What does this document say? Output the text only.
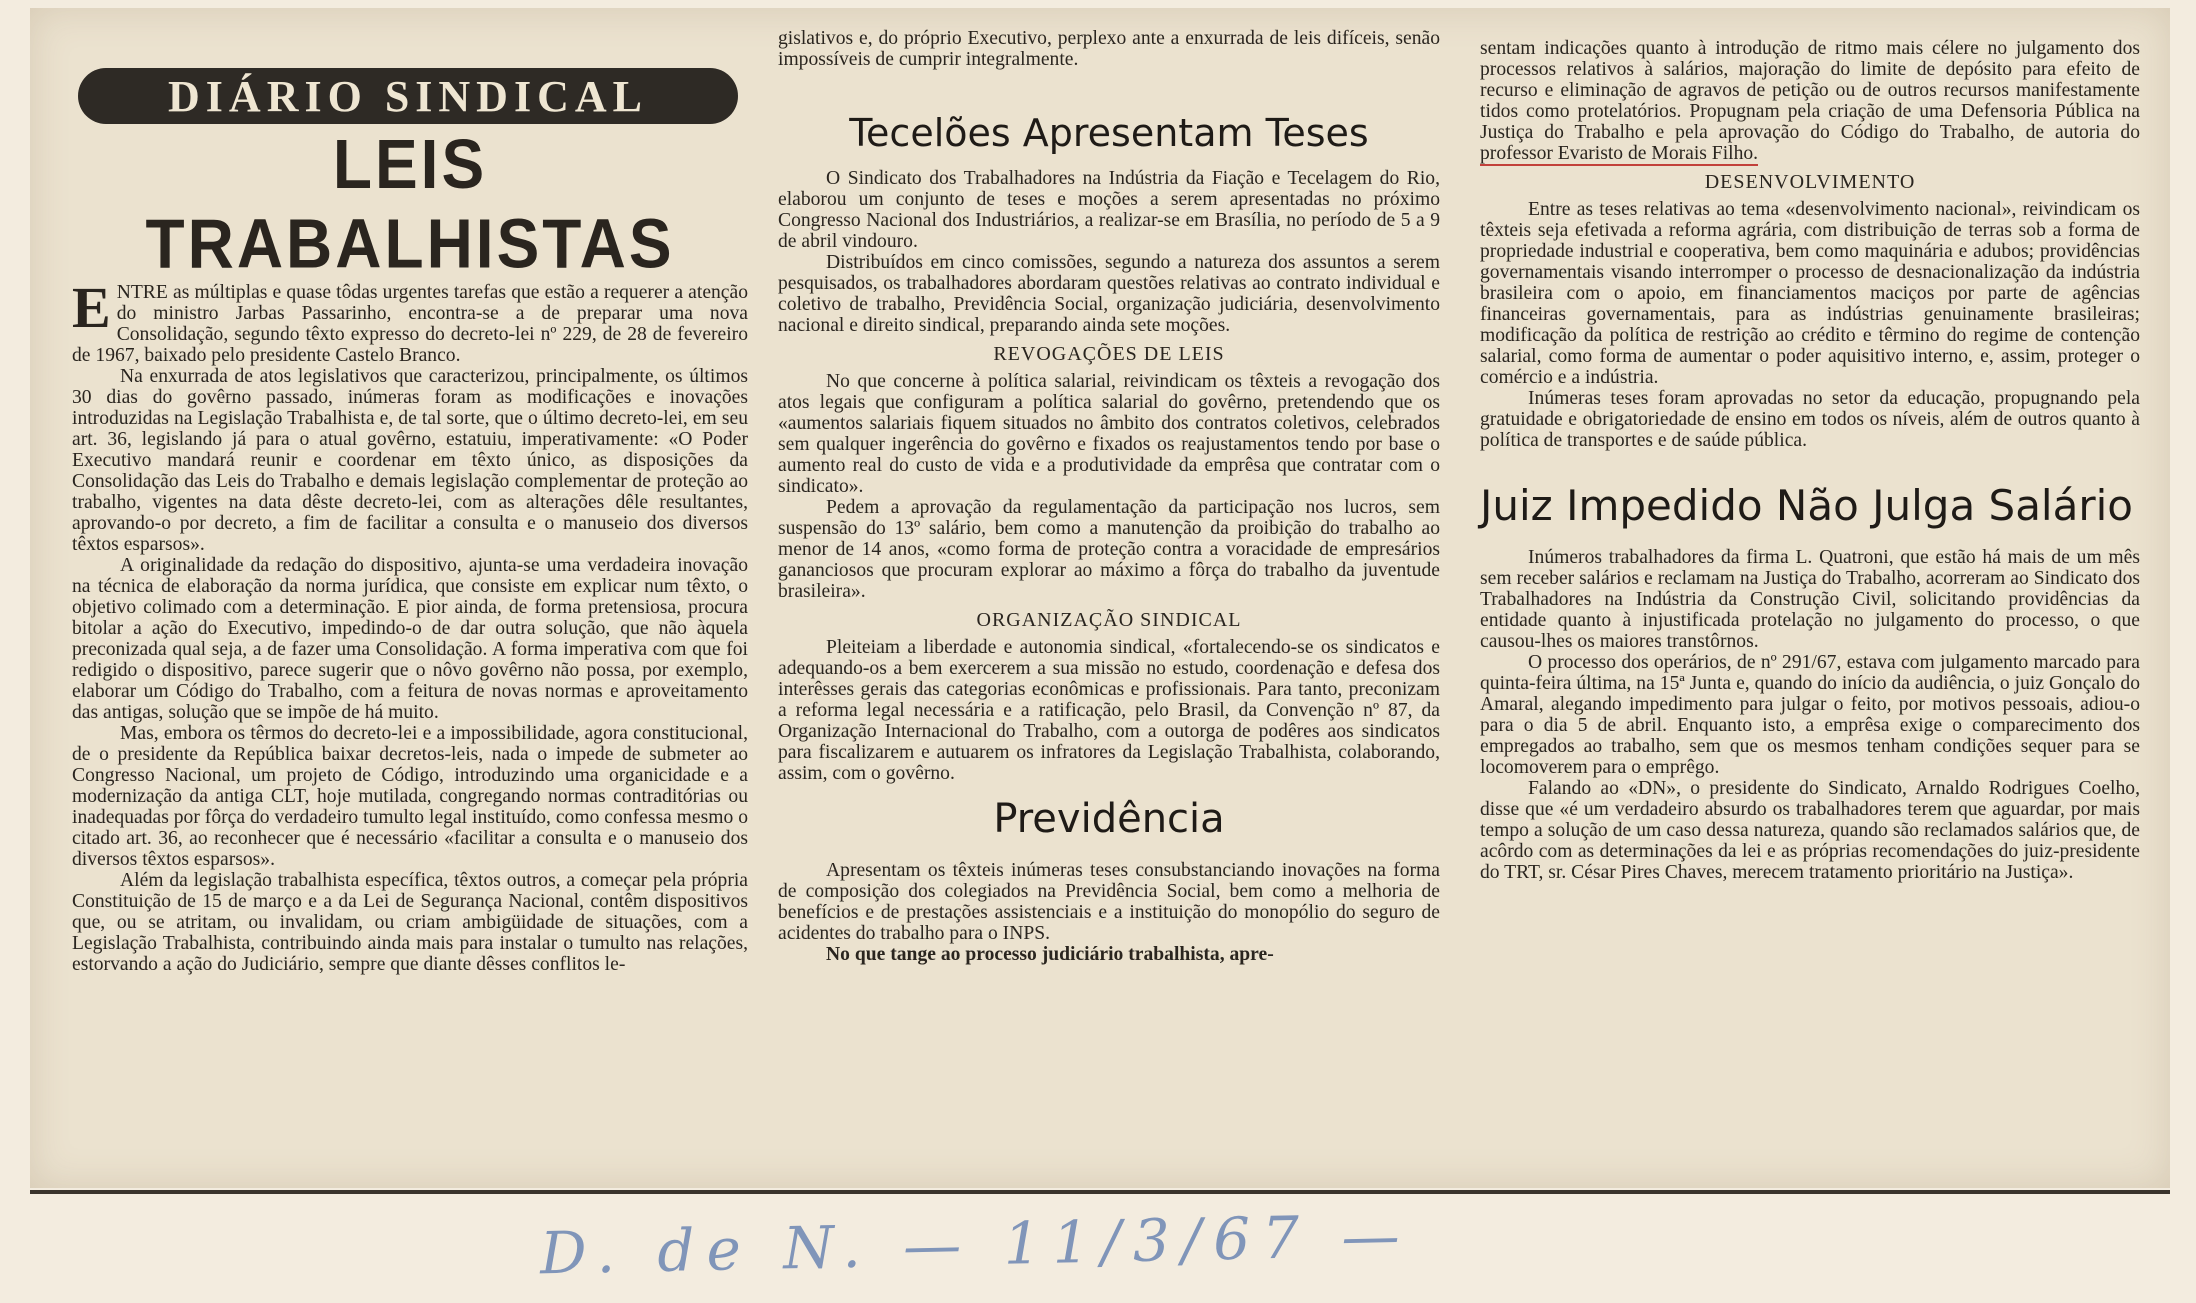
DIÁRIO SINDICAL
LEIS TRABALHISTAS

ENTRE as múltiplas e quase tôdas urgentes tarefas que estão a requerer a atenção do ministro Jarbas Passarinho, encontra-se a de preparar uma nova Consolidação, segundo têxto expresso do decreto-lei nº 229, de 28 de fevereiro de 1967, baixado pelo presidente Castelo Branco.

Na enxurrada de atos legislativos que caracterizou, principalmente, os últimos 30 dias do govêrno passado, inúmeras foram as modificações e inovações introduzidas na Legislação Trabalhista e, de tal sorte, que o último decreto-lei, em seu art. 36, legislando já para o atual govêrno, estatuiu, imperativamente: «O Poder Executivo mandará reunir e coordenar em têxto único, as disposições da Consolidação das Leis do Trabalho e demais legislação complementar de proteção ao trabalho, vigentes na data dêste decreto-lei, com as alterações dêle resultantes, aprovando-o por decreto, a fim de facilitar a consulta e o manuseio dos diversos têxtos esparsos».

A originalidade da redação do dispositivo, ajunta-se uma verdadeira inovação na técnica de elaboração da norma jurídica, que consiste em explicar num têxto, o objetivo colimado com a determinação. E pior ainda, de forma pretensiosa, procura bitolar a ação do Executivo, impedindo-o de dar outra solução, que não àquela preconizada qual seja, a de fazer uma Consolidação. A forma imperativa com que foi redigido o dispositivo, parece sugerir que o nôvo govêrno não possa, por exemplo, elaborar um Código do Trabalho, com a feitura de novas normas e aproveitamento das antigas, solução que se impõe de há muito.

Mas, embora os têrmos do decreto-lei e a impossibilidade, agora constitucional, de o presidente da República baixar decretos-leis, nada o impede de submeter ao Congresso Nacional, um projeto de Código, introduzindo uma organicidade e a modernização da antiga CLT, hoje mutilada, congregando normas contraditórias ou inadequadas por fôrça do verdadeiro tumulto legal instituído, como confessa mesmo o citado art. 36, ao reconhecer que é necessário «facilitar a consulta e o manuseio dos diversos têxtos esparsos».

Além da legislação trabalhista específica, têxtos outros, a começar pela própria Constituição de 15 de março e a da Lei de Segurança Nacional, contêm dispositivos que, ou se atritam, ou invalidam, ou criam ambigüidade de situações, com a Legislação Trabalhista, contribuindo ainda mais para instalar o tumulto nas relações, estorvando a ação do Judiciário, sempre que diante dêsses conflitos le-

gislativos e, do próprio Executivo, perplexo ante a enxurrada de leis difíceis, senão impossíveis de cumprir integralmente.

Tecelões Apresentam Teses

O Sindicato dos Trabalhadores na Indústria da Fiação e Tecelagem do Rio, elaborou um conjunto de teses e moções a serem apresentadas no próximo Congresso Nacional dos Industriários, a realizar-se em Brasília, no período de 5 a 9 de abril vindouro.

Distribuídos em cinco comissões, segundo a natureza dos assuntos a serem pesquisados, os trabalhadores abordaram questões relativas ao contrato individual e coletivo de trabalho, Previdência Social, organização judiciária, desenvolvimento nacional e direito sindical, preparando ainda sete moções.

REVOGAÇÕES DE LEIS

No que concerne à política salarial, reivindicam os têxteis a revogação dos atos legais que configuram a política salarial do govêrno, pretendendo que os «aumentos salariais fiquem situados no âmbito dos contratos coletivos, celebrados sem qualquer ingerência do govêrno e fixados os reajustamentos tendo por base o aumento real do custo de vida e a produtividade da emprêsa que contratar com o sindicato».

Pedem a aprovação da regulamentação da participação nos lucros, sem suspensão do 13º salário, bem como a manutenção da proibição do trabalho ao menor de 14 anos, «como forma de proteção contra a voracidade de empresários gananciosos que procuram explorar ao máximo a fôrça do trabalho da juventude brasileira».

ORGANIZAÇÃO SINDICAL

Pleiteiam a liberdade e autonomia sindical, «fortalecendo-se os sindicatos e adequando-os a bem exercerem a sua missão no estudo, coordenação e defesa dos interêsses gerais das categorias econômicas e profissionais. Para tanto, preconizam a reforma legal necessária e a ratificação, pelo Brasil, da Convenção nº 87, da Organização Internacional do Trabalho, com a outorga de podêres aos sindicatos para fiscalizarem e autuarem os infratores da Legislação Trabalhista, colaborando, assim, com o govêrno.

Previdência

Apresentam os têxteis inúmeras teses consubstanciando inovações na forma de composição dos colegiados na Previdência Social, bem como a melhoria de benefícios e de prestações assistenciais e a instituição do monopólio do seguro de acidentes do trabalho para o INPS.

No que tange ao processo judiciário trabalhista, apre-

sentam indicações quanto à introdução de ritmo mais célere no julgamento dos processos relativos à salários, majoração do limite de depósito para efeito de recurso e eliminação de agravos de petição ou de outros recursos manifestamente tidos como protelatórios. Propugnam pela criação de uma Defensoria Pública na Justiça do Trabalho e pela aprovação do Código do Trabalho, de autoria do professor Evaristo de Morais Filho.

DESENVOLVIMENTO

Entre as teses relativas ao tema «desenvolvimento nacional», reivindicam os têxteis seja efetivada a reforma agrária, com distribuição de terras sob a forma de propriedade industrial e cooperativa, bem como maquinária e adubos; providências governamentais visando interromper o processo de desnacionalização da indústria brasileira com o apoio, em financiamentos maciços por parte de agências financeiras governamentais, para as indústrias genuinamente brasileiras; modificação da política de restrição ao crédito e têrmino do regime de contenção salarial, como forma de aumentar o poder aquisitivo interno, e, assim, proteger o comércio e a indústria.

Inúmeras teses foram aprovadas no setor da educação, propugnando pela gratuidade e obrigatoriedade de ensino em todos os níveis, além de outros quanto à política de transportes e de saúde pública.

Juiz Impedido Não Julga Salário

Inúmeros trabalhadores da firma L. Quatroni, que estão há mais de um mês sem receber salários e reclamam na Justiça do Trabalho, acorreram ao Sindicato dos Trabalhadores na Indústria da Construção Civil, solicitando providências da entidade quanto à injustificada protelação no julgamento do processo, o que causou-lhes os maiores transtôrnos.

O processo dos operários, de nº 291/67, estava com julgamento marcado para quinta-feira última, na 15ª Junta e, quando do início da audiência, o juiz Gonçalo do Amaral, alegando impedimento para julgar o feito, por motivos pessoais, adiou-o para o dia 5 de abril. Enquanto isto, a emprêsa exige o comparecimento dos empregados ao trabalho, sem que os mesmos tenham condições sequer para se locomoverem para o emprêgo.

Falando ao «DN», o presidente do Sindicato, Arnaldo Rodrigues Coelho, disse que «é um verdadeiro absurdo os trabalhadores terem que aguardar, por mais tempo a solução de um caso dessa natureza, quando são reclamados salários que, de acôrdo com as determinações da lei e as próprias recomendações do juiz-presidente do TRT, sr. César Pires Chaves, merecem tratamento prioritário na Justiça».

D. de N. — 11/3/67 —
